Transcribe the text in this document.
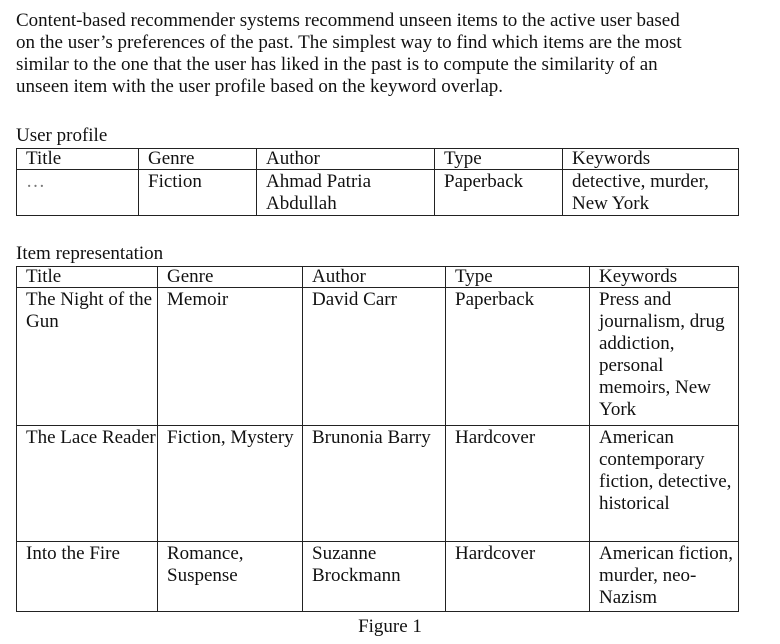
Content-based recommender systems recommend unseen items to the active user based
on the user’s preferences of the past. The simplest way to find which items are the most
similar to the one that the user has liked in the past is to compute the similarity of an
unseen item with the user profile based on the keyword overlap.

User profile

Title	Genre	Author	Type	Keywords
…	Fiction	Ahmad Patria Abdullah	Paperback	detective, murder, New York

Item representation

Title	Genre	Author	Type	Keywords
The Night of the Gun	Memoir	David Carr	Paperback	Press and journalism, drug addiction, personal memoirs, New York
The Lace Reader	Fiction, Mystery	Brunonia Barry	Hardcover	American contemporary fiction, detective, historical
Into the Fire	Romance, Suspense	Suzanne Brockmann	Hardcover	American fiction, murder, neo-Nazism

Figure 1
